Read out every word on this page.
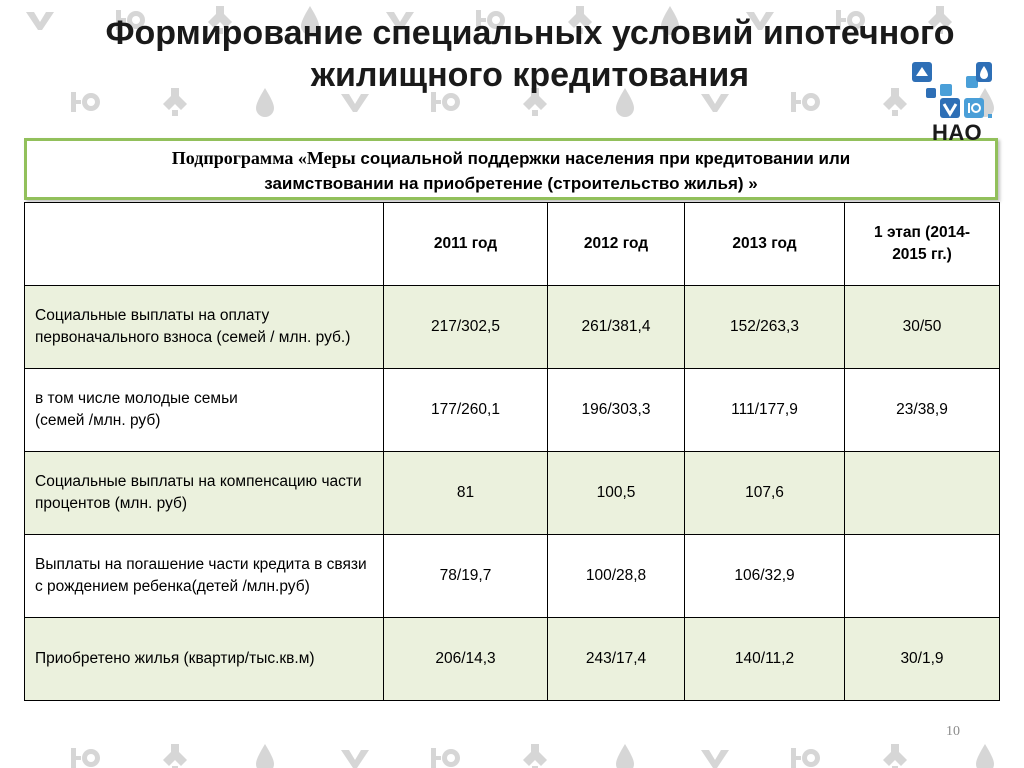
Формирование специальных условий ипотечного
жилищного кредитования
НАО
Подпрограмма «Меры социальной поддержки населения при кредитовании или
заимствовании на приобретение (строительство жилья) »
	2011 год	2012 год	2013 год	1 этап (2014-2015 гг.)
Социальные выплаты на оплату первоначального взноса (семей / млн. руб.)	217/302,5	261/381,4	152/263,3	30/50
в том числе молодые семьи
(семей /млн. руб)	177/260,1	196/303,3	111/177,9	23/38,9
Социальные выплаты на компенсацию части процентов (млн. руб)	81	100,5	107,6	
Выплаты на погашение части кредита в связи с рождением ребенка(детей /млн.руб)	78/19,7	100/28,8	106/32,9	
Приобретено жилья (квартир/тыс.кв.м)	206/14,3	243/17,4	140/11,2	30/1,9
10
